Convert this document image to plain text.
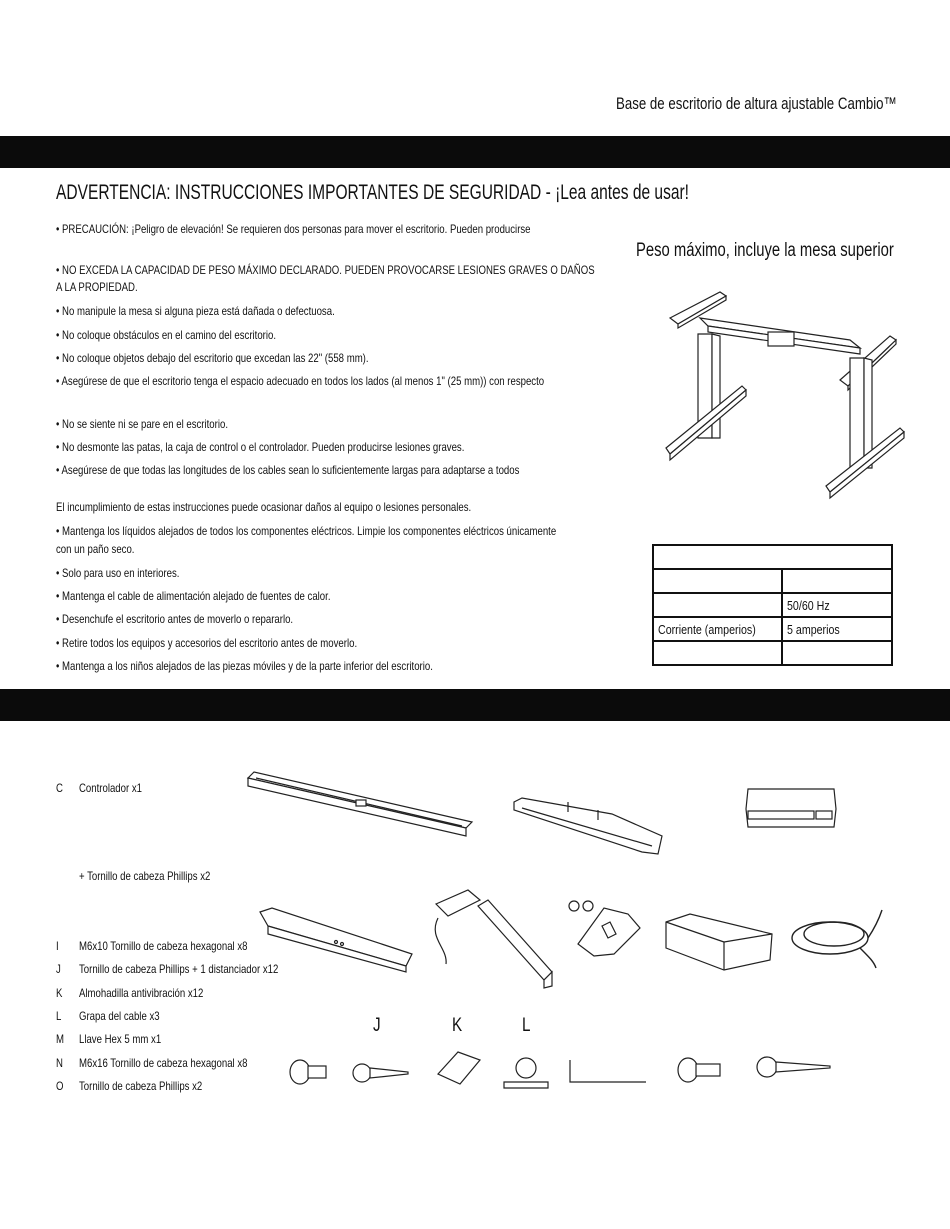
Base de escritorio de altura ajustable Cambio™
ADVERTENCIA: INSTRUCCIONES IMPORTANTES DE SEGURIDAD - ¡Lea antes de usar!
• PRECAUCIÓN: ¡Peligro de elevación! Se requieren dos personas para mover el escritorio. Pueden producirse
• NO EXCEDA LA CAPACIDAD DE PESO MÁXIMO DECLARADO. PUEDEN PROVOCARSE LESIONES GRAVES O DAÑOS
A LA PROPIEDAD.
• No manipule la mesa si alguna pieza está dañada o defectuosa.
• No coloque obstáculos en el camino del escritorio.
• No coloque objetos debajo del escritorio que excedan las 22" (558 mm).
• Asegúrese de que el escritorio tenga el espacio adecuado en todos los lados (al menos 1" (25 mm)) con respecto
• No se siente ni se pare en el escritorio.
• No desmonte las patas, la caja de control o el controlador. Pueden producirse lesiones graves.
• Asegúrese de que todas las longitudes de los cables sean lo suficientemente largas para adaptarse a todos
El incumplimiento de estas instrucciones puede ocasionar daños al equipo o lesiones personales.
• Mantenga los líquidos alejados de todos los componentes eléctricos. Limpie los componentes eléctricos únicamente
con un paño seco.
• Solo para uso en interiores.
• Mantenga el cable de alimentación alejado de fuentes de calor.
• Desenchufe el escritorio antes de moverlo o repararlo.
• Retire todos los equipos y accesorios del escritorio antes de moverlo.
• Mantenga a los niños alejados de las piezas móviles y de la parte inferior del escritorio.
Peso máximo, incluye la mesa superior

	50/60 Hz
Corriente (amperios)	5 amperios

C Controlador x1
+ Tornillo de cabeza Phillips x2
I M6x10 Tornillo de cabeza hexagonal x8
J Tornillo de cabeza Phillips + 1 distanciador x12
K Almohadilla antivibración x12
L Grapa del cable x3
M Llave Hex 5 mm x1
N M6x16 Tornillo de cabeza hexagonal x8
O Tornillo de cabeza Phillips x2
J	K	L
